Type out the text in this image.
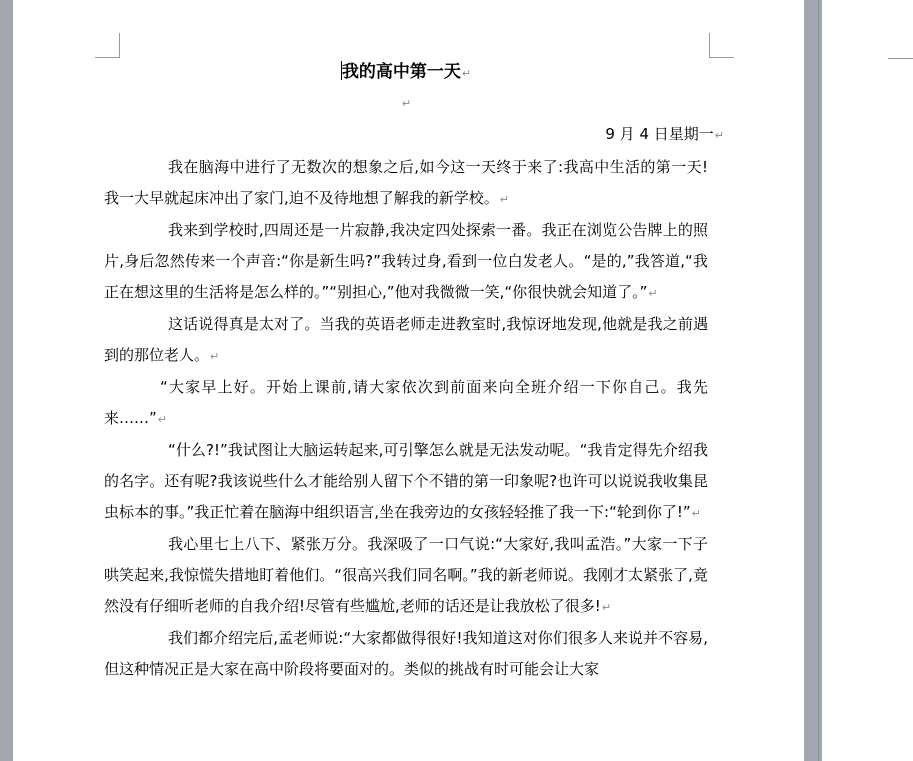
我的高中第一天↵
↵
9 月 4 日星期一↵

我在脑海中进行了无数次的想象之后,如今这一天终于来了:我高中生活的第一天!我一大早就起床冲出了家门,迫不及待地想了解我的新学校。↵

我来到学校时,四周还是一片寂静,我决定四处探索一番。我正在浏览公告牌上的照片,身后忽然传来一个声音:“你是新生吗?”我转过身,看到一位白发老人。“是的,”我答道,“我正在想这里的生活将是怎么样的。”“别担心,”他对我微微一笑,“你很快就会知道了。”↵

这话说得真是太对了。当我的英语老师走进教室时,我惊讶地发现,他就是我之前遇到的那位老人。↵

“大家早上好。开始上课前,请大家依次到前面来向全班介绍一下你自己。我先来……”↵

“什么?!”我试图让大脑运转起来,可引擎怎么就是无法发动呢。“我肯定得先介绍我的名字。还有呢?我该说些什么才能给别人留下个不错的第一印象呢?也许可以说说我收集昆虫标本的事。”我正忙着在脑海中组织语言,坐在我旁边的女孩轻轻推了我一下:“轮到你了!”↵

我心里七上八下、紧张万分。我深吸了一口气说:“大家好,我叫孟浩。”大家一下子哄笑起来,我惊慌失措地盯着他们。“很高兴我们同名啊。”我的新老师说。我刚才太紧张了,竟然没有仔细听老师的自我介绍!尽管有些尴尬,老师的话还是让我放松了很多!↵

我们都介绍完后,孟老师说:“大家都做得很好!我知道这对你们很多人来说并不容易,但这种情况正是大家在高中阶段将要面对的。类似的挑战有时可能会让大家
